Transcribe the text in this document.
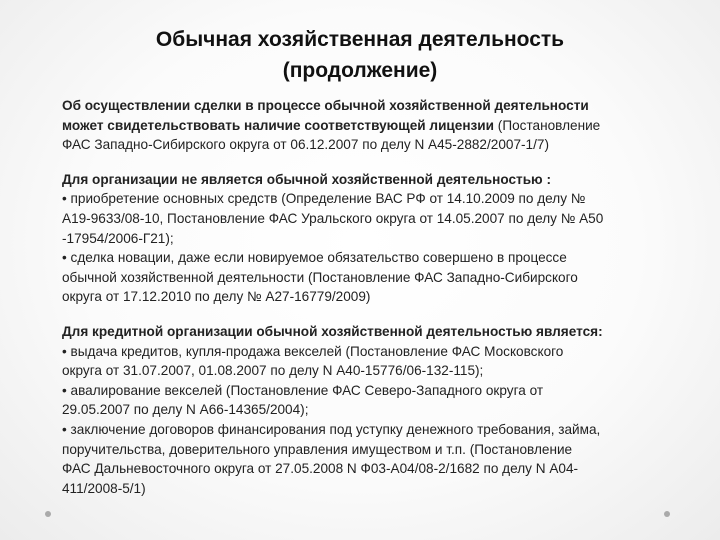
Обычная хозяйственная деятельность
(продолжение)

Об осуществлении сделки в процессе обычной хозяйственной деятельности
может свидетельствовать наличие соответствующей лицензии (Постановление
ФАС Западно-Сибирского округа от 06.12.2007 по делу N А45-2882/2007-1/7)

Для организации не является обычной хозяйственной деятельностью :
• приобретение основных средств (Определение ВАС РФ от 14.10.2009 по делу №
А19-9633/08-10, Постановление ФАС Уральского округа от 14.05.2007 по делу № А50
-17954/2006-Г21);
• сделка новации, даже если новируемое обязательство совершено в процессе
обычной хозяйственной деятельности (Постановление ФАС Западно-Сибирского
округа от 17.12.2010 по делу № А27-16779/2009)

Для кредитной организации обычной хозяйственной деятельностью является:
• выдача кредитов, купля-продажа векселей (Постановление ФАС Московского
округа от 31.07.2007, 01.08.2007 по делу N А40-15776/06-132-115);
• авалирование векселей (Постановление ФАС Северо-Западного округа от
29.05.2007 по делу N А66-14365/2004);
• заключение договоров финансирования под уступку денежного требования, займа,
поручительства, доверительного управления имуществом и т.п. (Постановление
ФАС Дальневосточного округа от 27.05.2008 N Ф03-А04/08-2/1682 по делу N А04-
411/2008-5/1)
